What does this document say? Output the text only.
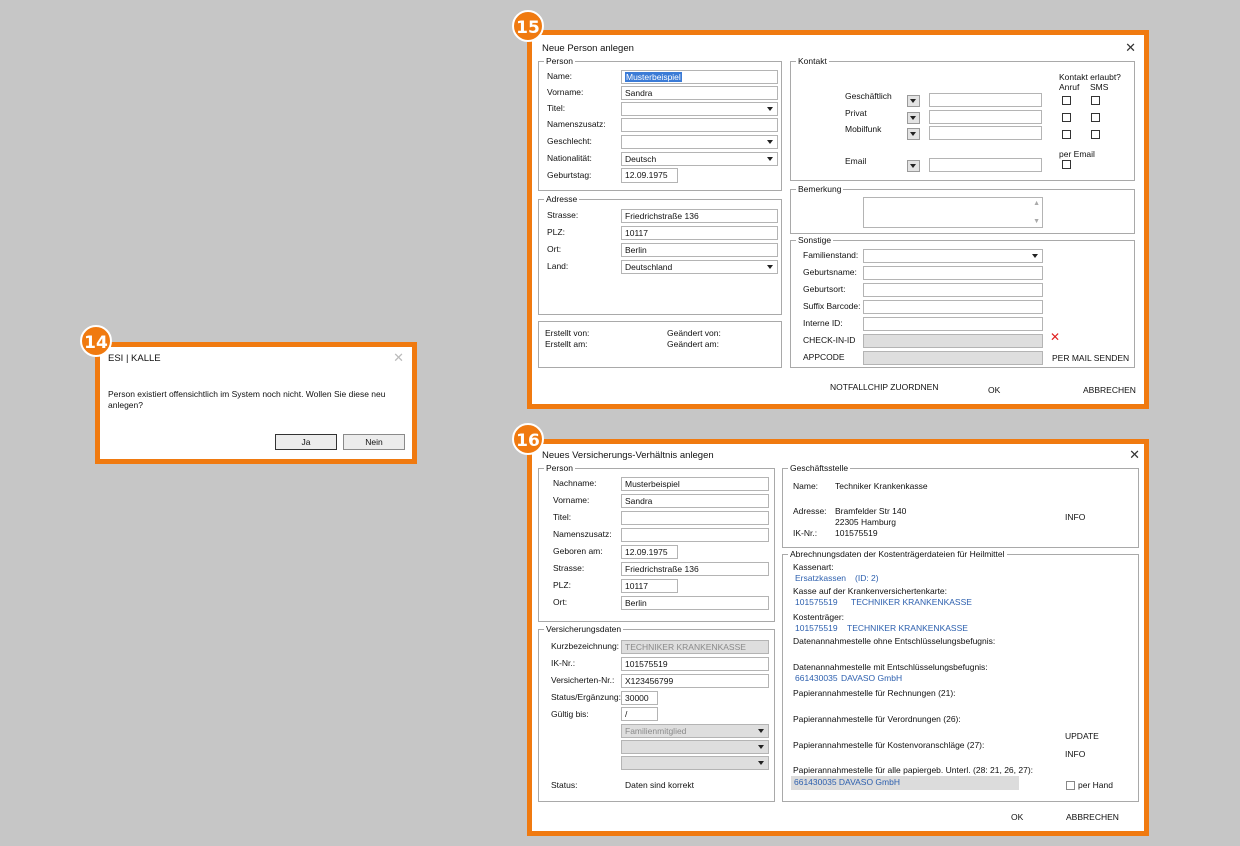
ESI | KALLE	✕
Person existiert offensichtlich im System noch nicht. Wollen Sie diese neu anlegen?
Ja	Nein
14
Neue Person anlegen	✕
Person
Name:	Musterbeispiel
Vorname:	Sandra
Titel:
Namenszusatz:
Geschlecht:
Nationalität:	Deutsch
Geburtstag:	12.09.1975
Adresse
Strasse:	Friedrichstraße 136
PLZ:	10117
Ort:	Berlin
Land:	Deutschland
Erstellt von:
Erstellt am:
Geändert von:
Geändert am:
Kontakt
Kontakt erlaubt?
Anruf SMS
Geschäftlich
Privat
Mobilfunk
per Email
Email
Bemerkung
▲
▼
Sonstige
Familienstand:
Geburtsname:
Geburtsort:
Suffix Barcode:
Interne ID:
CHECK-IN-ID	✕
APPCODE	PER MAIL SENDEN
NOTFALLCHIP ZUORDNEN	OK	ABBRECHEN
15
Neues Versicherungs-Verhältnis anlegen	✕
Person
Nachname:	Musterbeispiel
Vorname:	Sandra
Titel:
Namenszusatz:
Geboren am:	12.09.1975
Strasse:	Friedrichstraße 136
PLZ:	10117
Ort:	Berlin
Versicherungsdaten
Kurzbezeichnung: TECHNIKER KRANKENKASSE
IK-Nr.:	101575519
Versicherten-Nr.:	X123456799
Status/Ergänzung: 30000
Gültig bis:	/
Familienmitglied
Status:	Daten sind korrekt
Geschäftsstelle
Name: Techniker Krankenkasse
Adresse: Bramfelder Str 140
22305 Hamburg
IK-Nr.: 101575519
INFO
Abrechnungsdaten der Kostenträgerdateien für Heilmittel
Kassenart:
Ersatzkassen (ID: 2)
Kasse auf der Krankenversichertenkarte:
101575519 TECHNIKER KRANKENKASSE
Kostenträger:
101575519 TECHNIKER KRANKENKASSE
Datenannahmestelle ohne Entschlüsselungsbefugnis:
Datenannahmestelle mit Entschlüsselungsbefugnis:
661430035 DAVASO GmbH
Papierannahmestelle für Rechnungen (21):
Papierannahmestelle für Verordnungen (26):
Papierannahmestelle für Kostenvoranschläge (27):
Papierannahmestelle für alle papiergeb. Unterl. (28: 21, 26, 27):
661430035 DAVASO GmbH
UPDATE
INFO
per Hand
OK	ABBRECHEN
16
